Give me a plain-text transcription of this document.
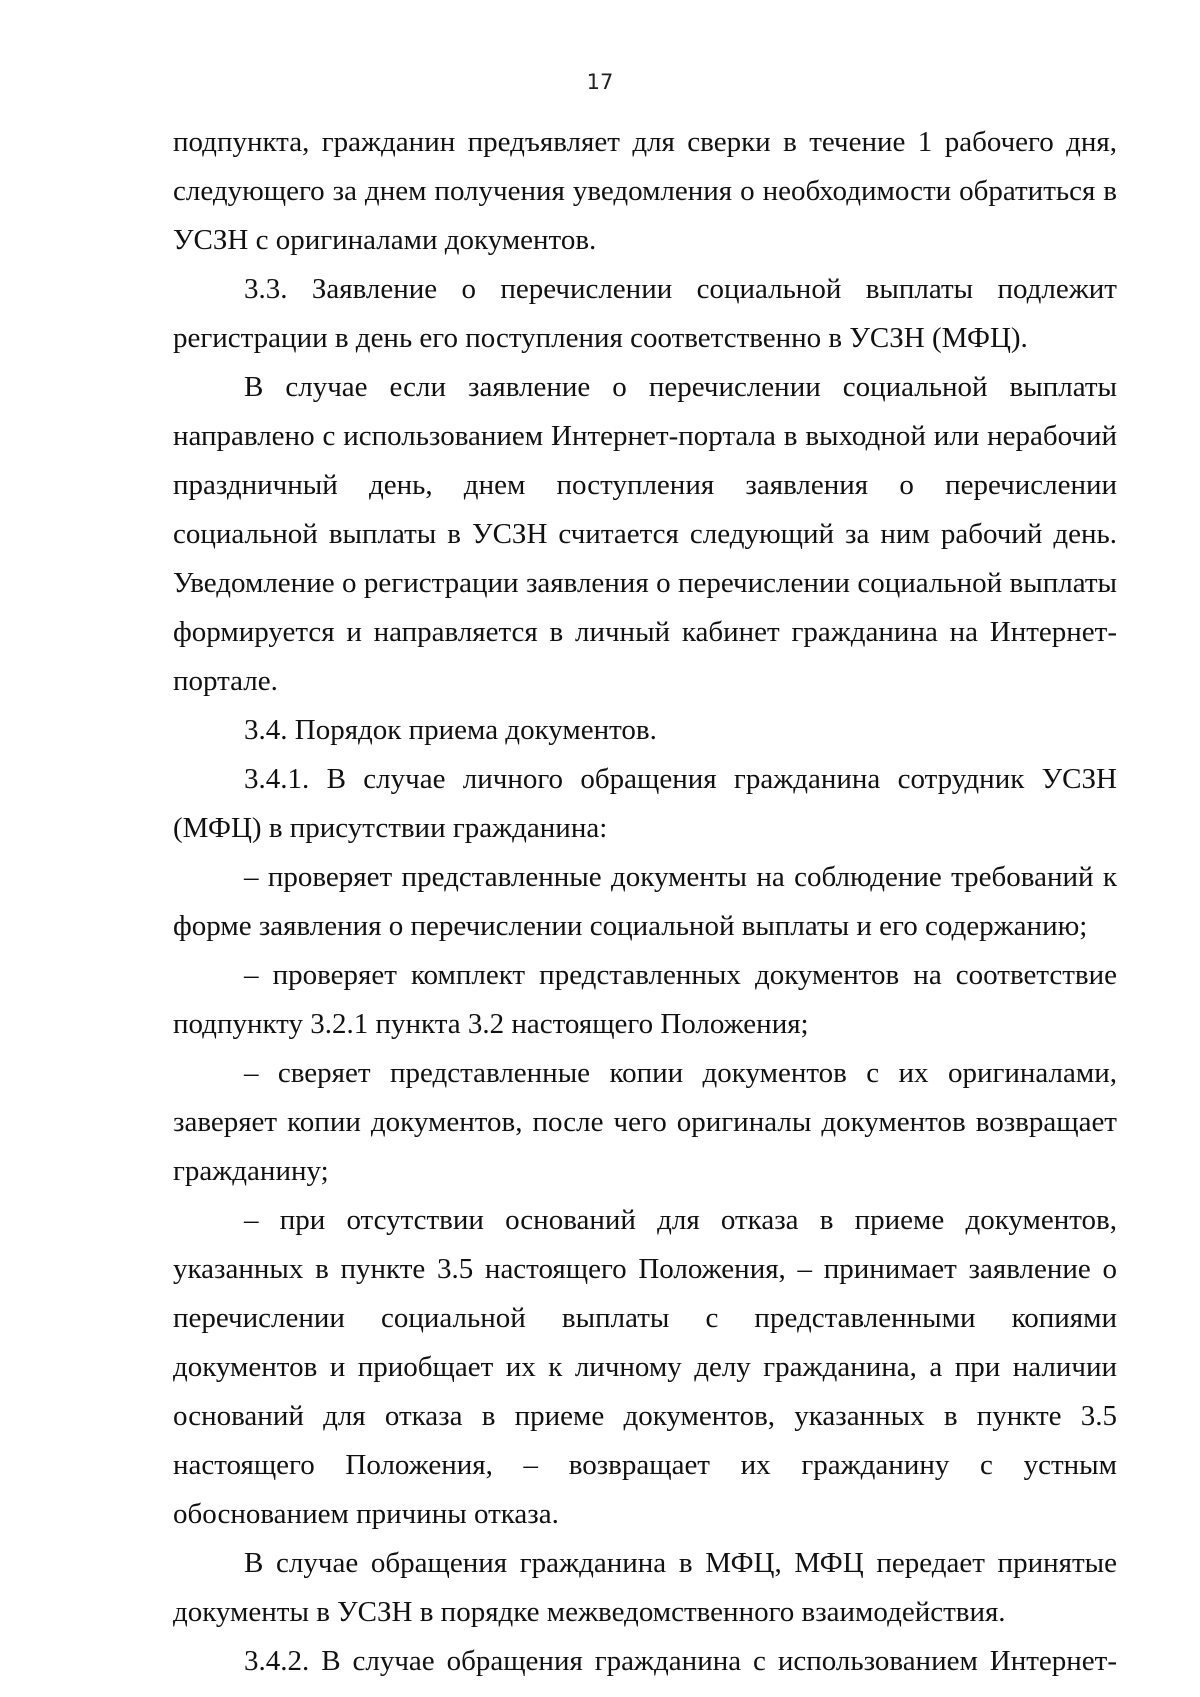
17

подпункта, гражданин предъявляет для сверки в течение 1 рабочего дня, следующего за днем получения уведомления о необходимости обратиться в УСЗН с оригиналами документов.

3.3. Заявление о перечислении социальной выплаты подлежит регистрации в день его поступления соответственно в УСЗН (МФЦ).

В случае если заявление о перечислении социальной выплаты направлено с использованием Интернет-портала в выходной или нерабочий праздничный день, днем поступления заявления о перечислении социальной выплаты в УСЗН считается следующий за ним рабочий день. Уведомление о регистрации заявления о перечислении социальной выплаты формируется и направляется в личный кабинет гражданина на Интернет-портале.

3.4. Порядок приема документов.

3.4.1. В случае личного обращения гражданина сотрудник УСЗН (МФЦ) в присутствии гражданина:

– проверяет представленные документы на соблюдение требований к форме заявления о перечислении социальной выплаты и его содержанию;

– проверяет комплект представленных документов на соответствие подпункту 3.2.1 пункта 3.2 настоящего Положения;

– сверяет представленные копии документов с их оригиналами, заверяет копии документов, после чего оригиналы документов возвращает гражданину;

– при отсутствии оснований для отказа в приеме документов, указанных в пункте 3.5 настоящего Положения, – принимает заявление о перечислении социальной выплаты с представленными копиями документов и приобщает их к личному делу гражданина, а при наличии оснований для отказа в приеме документов, указанных в пункте 3.5 настоящего Положения, – возвращает их гражданину с устным обоснованием причины отказа.

В случае обращения гражданина в МФЦ, МФЦ передает принятые документы в УСЗН в порядке межведомственного взаимодействия.

3.4.2. В случае обращения гражданина с использованием Интернет-
